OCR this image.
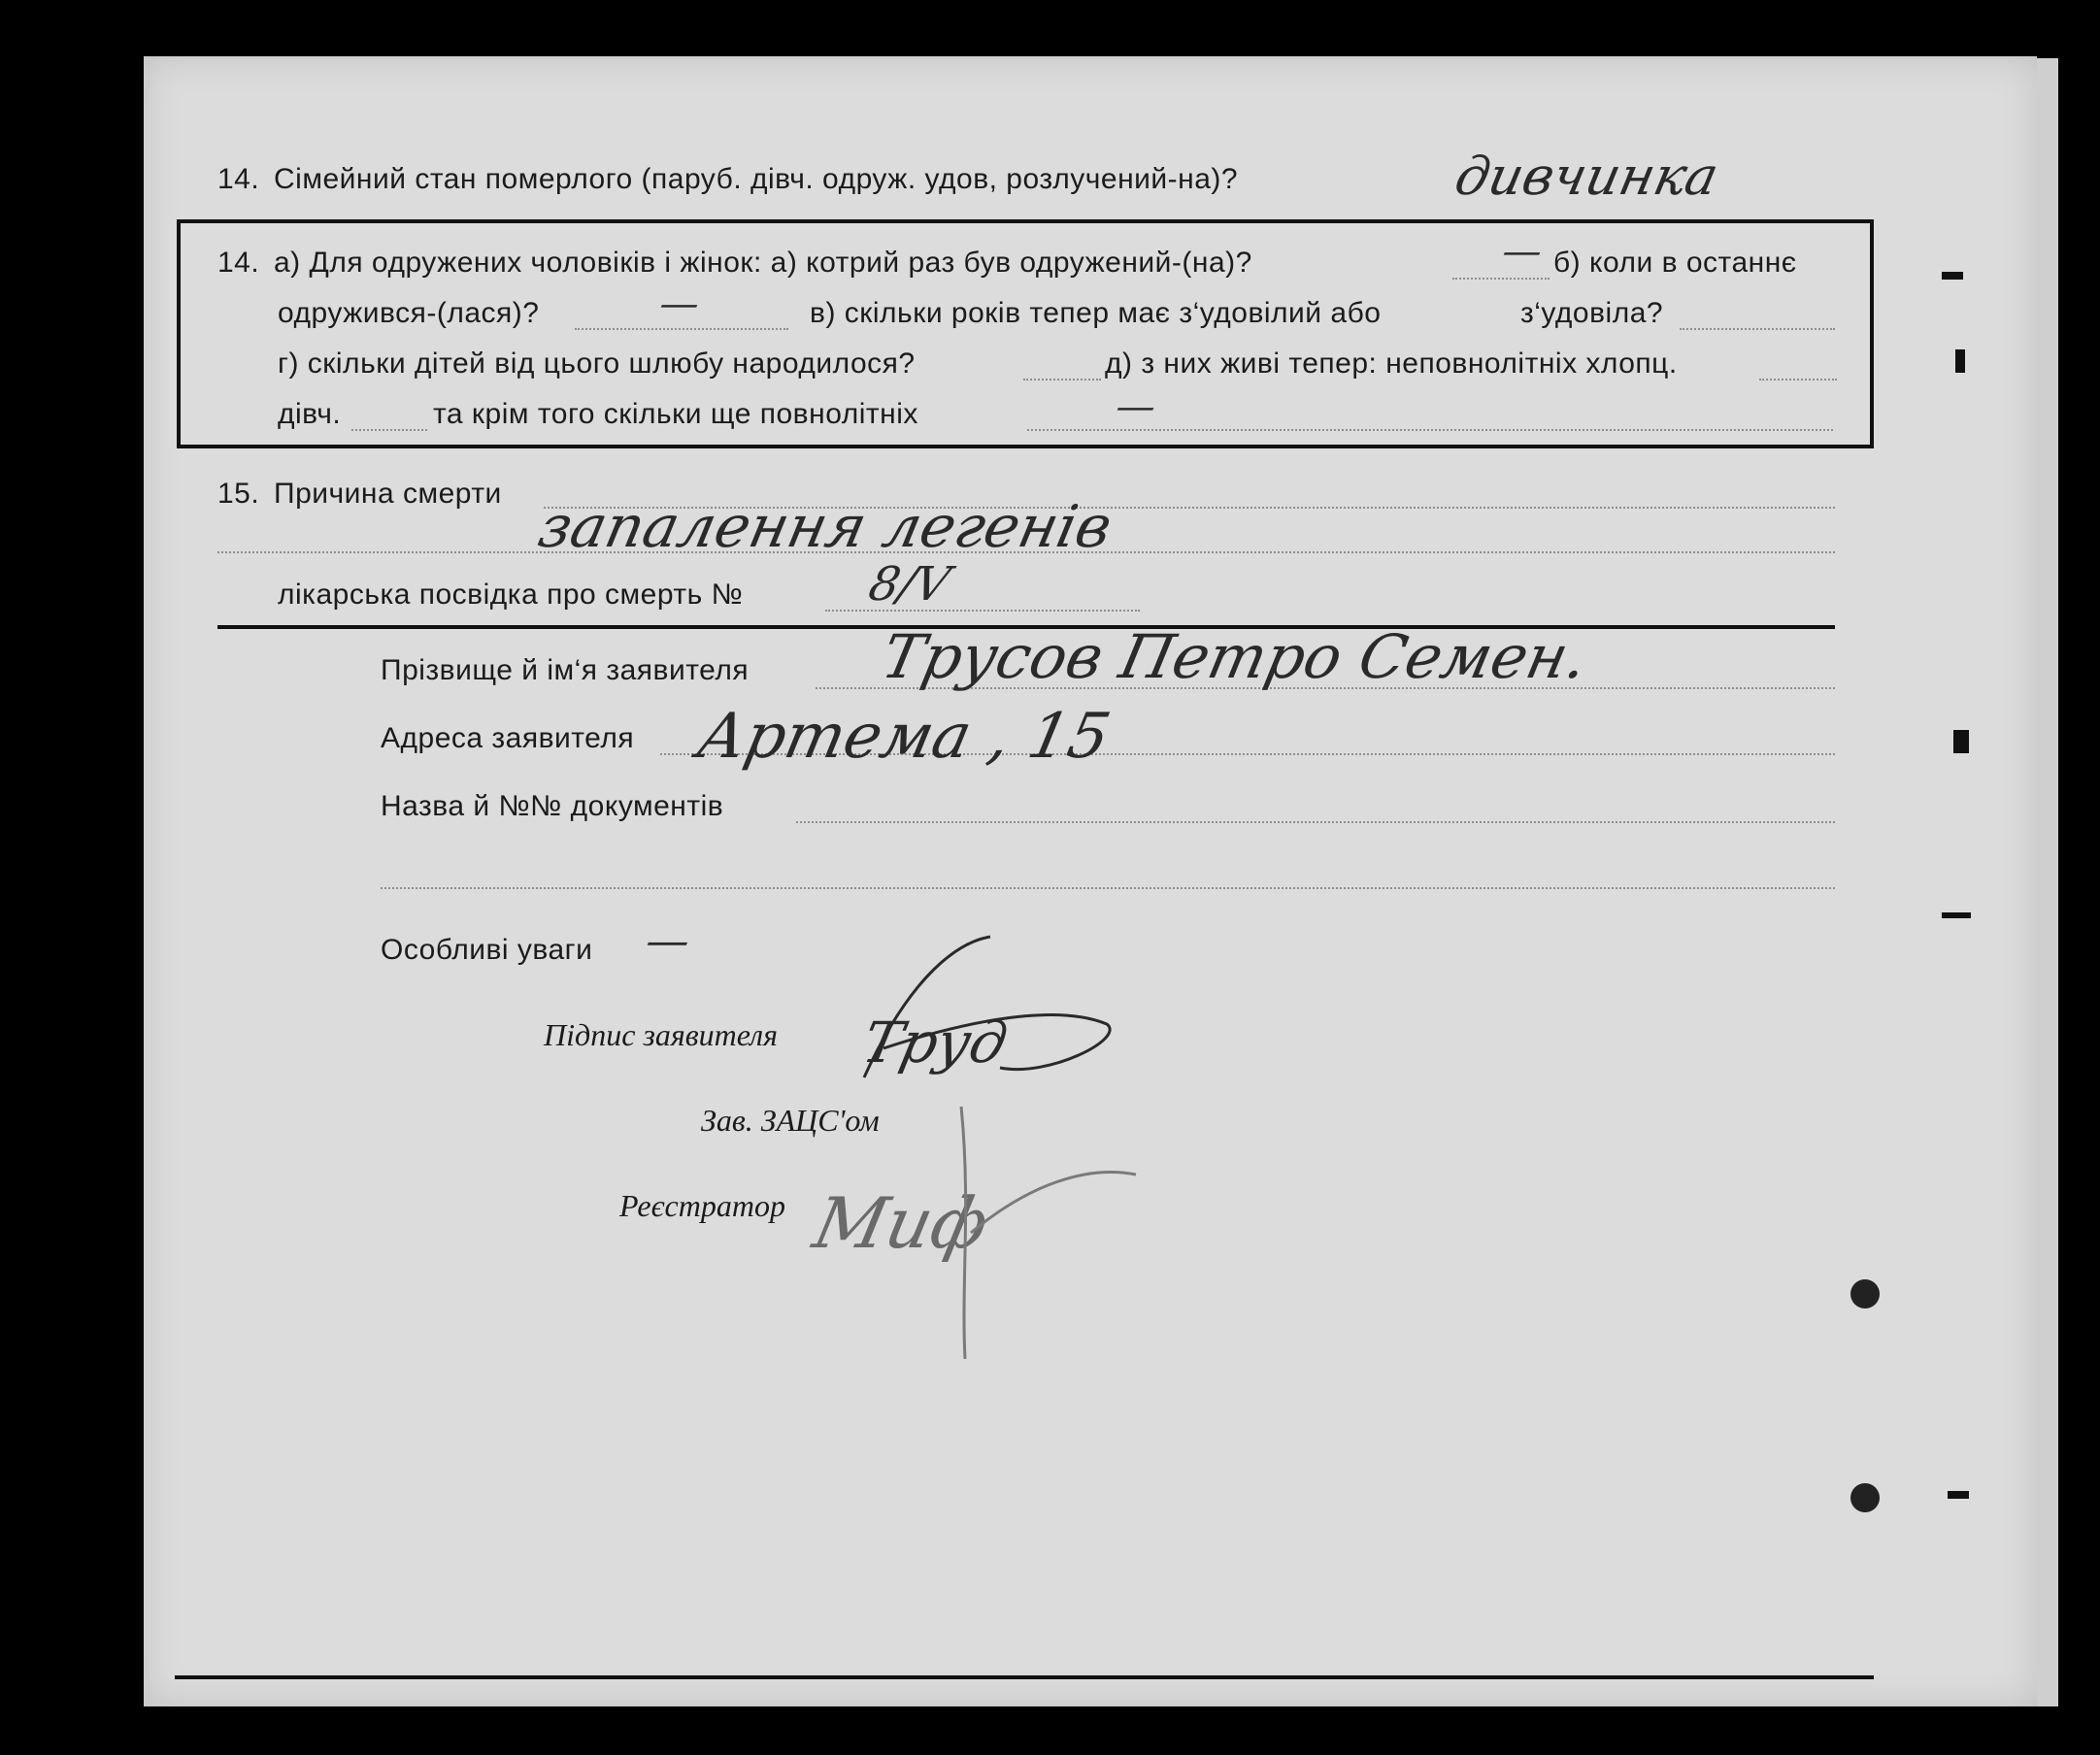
14. Сімейний стан померлого (паруб. дівч. одруж. удов, розлучений-на)?	дивчинка
14. а) Для одружених чоловіків і жінок: а) котрий раз був одружений-(на)?	— б) коли в останнє
одружився-(лася)?	—	в) скільки років тепер має з‘удовілий або	з‘удовіла?
г) скільки дітей від цього шлюбу народилося?	д) з них живі тепер: неповнолітніх хлопц.
дівч.	та крім того скільки ще повнолітніх	—
15. Причина смерти запалення легенів
лікарська посвідка про смерть №	8/V
Прізвище й ім‘я заявителя Трусов Петро Семен.
Адреса заявителя Артема , 15
Назва й №№ документів
Особливі уваги —
Підпис заявителя Труд
Зав. ЗАЦС'ом
Реєстратор Миф
